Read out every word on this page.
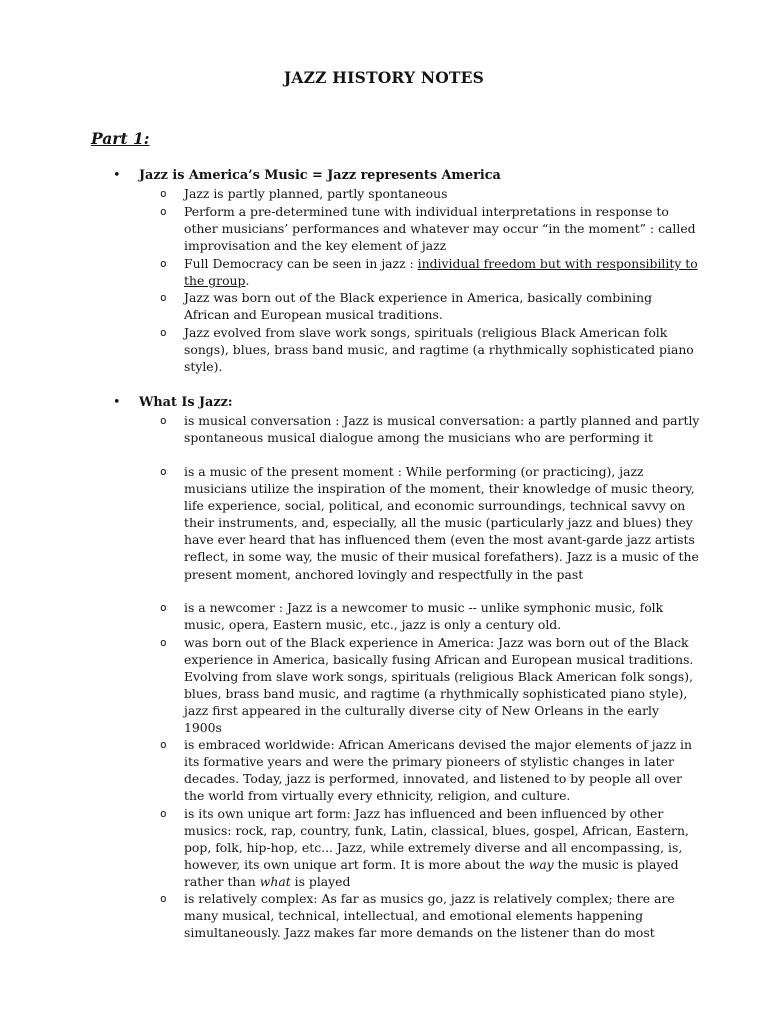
JAZZ HISTORY NOTES
Part 1:
• Jazz is America’s Music = Jazz represents America
o Jazz is partly planned, partly spontaneous
o Perform a pre-determined tune with individual interpretations in response to other musicians’ performances and whatever may occur “in the moment” : called improvisation and the key element of jazz
o Full Democracy can be seen in jazz : individual freedom but with responsibility to the group.
o Jazz was born out of the Black experience in America, basically combining African and European musical traditions.
o Jazz evolved from slave work songs, spirituals (religious Black American folk songs), blues, brass band music, and ragtime (a rhythmically sophisticated piano style).
• What Is Jazz:
o is musical conversation : Jazz is musical conversation: a partly planned and partly spontaneous musical dialogue among the musicians who are performing it
o is a music of the present moment : While performing (or practicing), jazz musicians utilize the inspiration of the moment, their knowledge of music theory, life experience, social, political, and economic surroundings, technical savvy on their instruments, and, especially, all the music (particularly jazz and blues) they have ever heard that has influenced them (even the most avant-garde jazz artists reflect, in some way, the music of their musical forefathers). Jazz is a music of the present moment, anchored lovingly and respectfully in the past
o is a newcomer : Jazz is a newcomer to music -- unlike symphonic music, folk music, opera, Eastern music, etc., jazz is only a century old.
o was born out of the Black experience in America: Jazz was born out of the Black experience in America, basically fusing African and European musical traditions. Evolving from slave work songs, spirituals (religious Black American folk songs), blues, brass band music, and ragtime (a rhythmically sophisticated piano style), jazz first appeared in the culturally diverse city of New Orleans in the early 1900s
o is embraced worldwide: African Americans devised the major elements of jazz in its formative years and were the primary pioneers of stylistic changes in later decades. Today, jazz is performed, innovated, and listened to by people all over the world from virtually every ethnicity, religion, and culture.
o is its own unique art form: Jazz has influenced and been influenced by other musics: rock, rap, country, funk, Latin, classical, blues, gospel, African, Eastern, pop, folk, hip-hop, etc... Jazz, while extremely diverse and all encompassing, is, however, its own unique art form. It is more about the way the music is played rather than what is played
o is relatively complex: As far as musics go, jazz is relatively complex; there are many musical, technical, intellectual, and emotional elements happening simultaneously. Jazz makes far more demands on the listener than do most
